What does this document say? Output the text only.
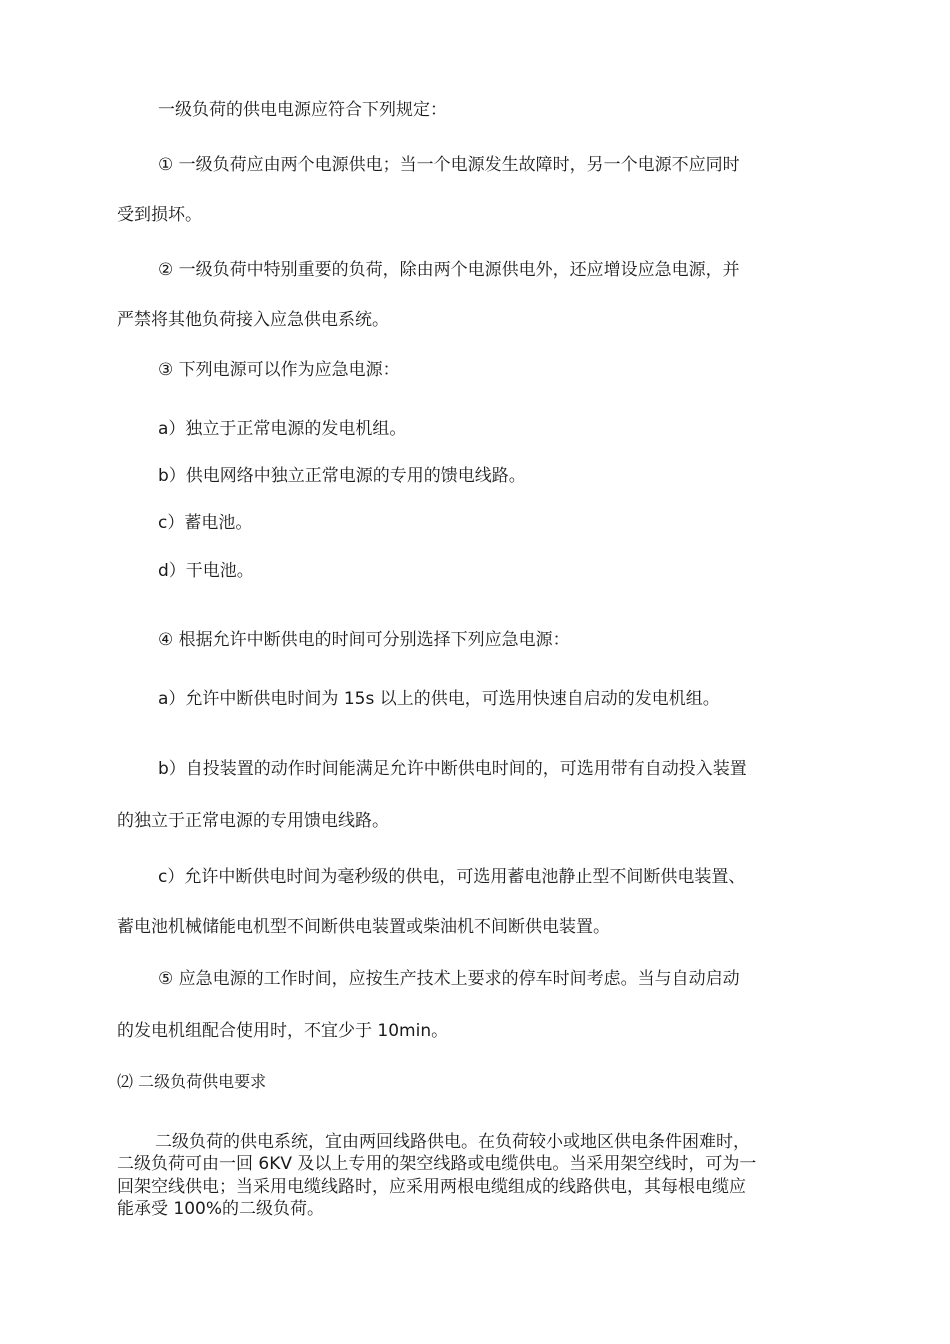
一级负荷的供电电源应符合下列规定：
① 一级负荷应由两个电源供电；当一个电源发生故障时，另一个电源不应同时
受到损坏。
② 一级负荷中特别重要的负荷，除由两个电源供电外，还应增设应急电源，并
严禁将其他负荷接入应急供电系统。
③ 下列电源可以作为应急电源：
a）独立于正常电源的发电机组。
b）供电网络中独立正常电源的专用的馈电线路。
c）蓄电池。
d）干电池。
④ 根据允许中断供电的时间可分别选择下列应急电源：
a）允许中断供电时间为 15s 以上的供电，可选用快速自启动的发电机组。
b）自投装置的动作时间能满足允许中断供电时间的，可选用带有自动投入装置
的独立于正常电源的专用馈电线路。
c）允许中断供电时间为毫秒级的供电，可选用蓄电池静止型不间断供电装置、
蓄电池机械储能电机型不间断供电装置或柴油机不间断供电装置。
⑤ 应急电源的工作时间，应按生产技术上要求的停车时间考虑。当与自动启动
的发电机组配合使用时，不宜少于 10min。
⑵ 二级负荷供电要求
二级负荷的供电系统，宜由两回线路供电。在负荷较小或地区供电条件困难时，
二级负荷可由一回 6KV 及以上专用的架空线路或电缆供电。当采用架空线时，可为一
回架空线供电；当采用电缆线路时，应采用两根电缆组成的线路供电，其每根电缆应
能承受 100%的二级负荷。
